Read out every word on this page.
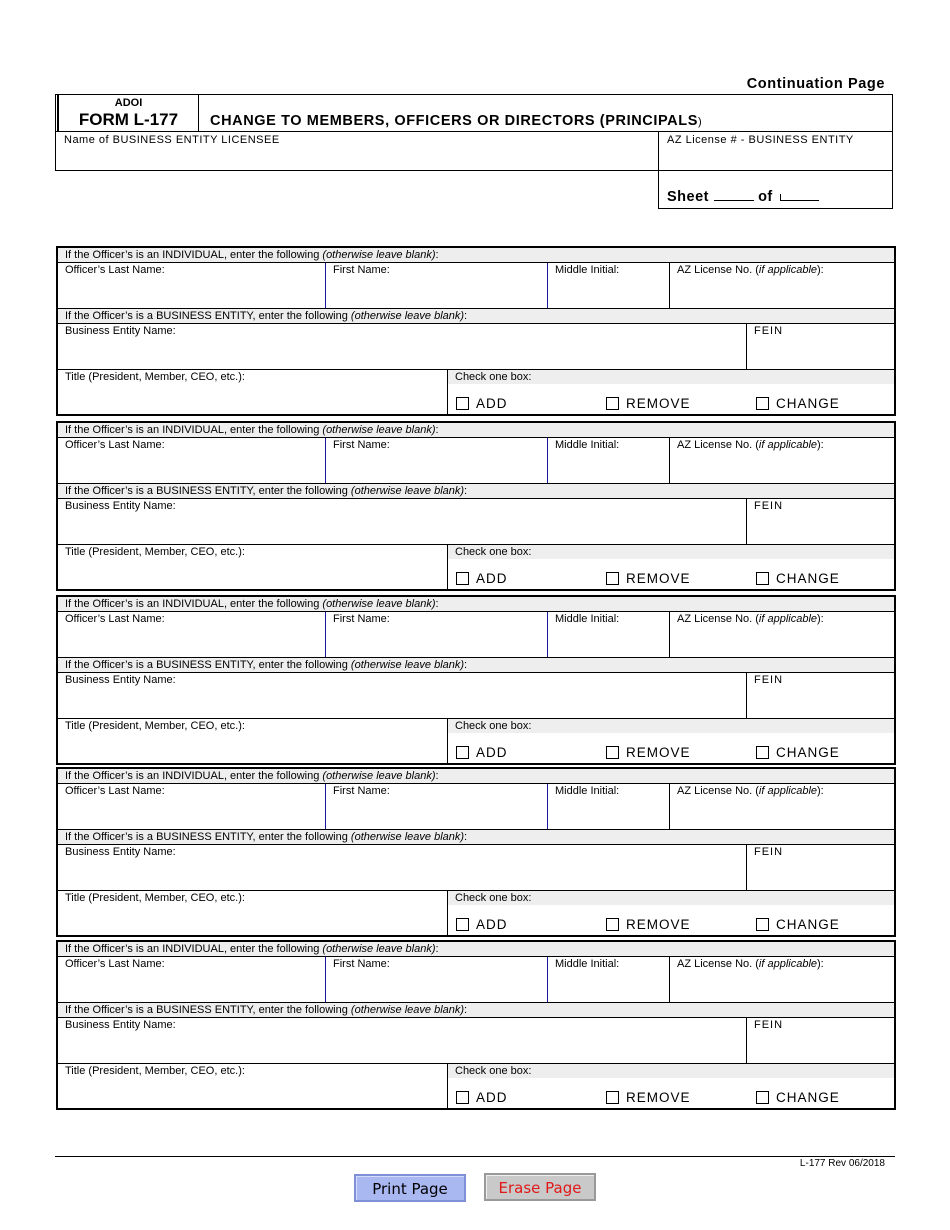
Continuation Page
ADOI
FORM L-177	CHANGE TO MEMBERS, OFFICERS OR DIRECTORS (PRINCIPALS)
Name of BUSINESS ENTITY LICENSEE	AZ License # - BUSINESS ENTITY
Sheet	of
If the Officer’s is an INDIVIDUAL, enter the following (otherwise leave blank):
Officer’s Last Name:	First Name:	Middle Initial:	AZ License No. (if applicable):
If the Officer’s is a BUSINESS ENTITY, enter the following (otherwise leave blank):
Business Entity Name:	FEIN
Title (President, Member, CEO, etc.):	Check one box:
ADD	REMOVE	CHANGE
If the Officer’s is an INDIVIDUAL, enter the following (otherwise leave blank):
Officer’s Last Name:	First Name:	Middle Initial:	AZ License No. (if applicable):
If the Officer’s is a BUSINESS ENTITY, enter the following (otherwise leave blank):
Business Entity Name:	FEIN
Title (President, Member, CEO, etc.):	Check one box:
ADD	REMOVE	CHANGE
If the Officer’s is an INDIVIDUAL, enter the following (otherwise leave blank):
Officer’s Last Name:	First Name:	Middle Initial:	AZ License No. (if applicable):
If the Officer’s is a BUSINESS ENTITY, enter the following (otherwise leave blank):
Business Entity Name:	FEIN
Title (President, Member, CEO, etc.):	Check one box:
ADD	REMOVE	CHANGE
If the Officer’s is an INDIVIDUAL, enter the following (otherwise leave blank):
Officer’s Last Name:	First Name:	Middle Initial:	AZ License No. (if applicable):
If the Officer’s is a BUSINESS ENTITY, enter the following (otherwise leave blank):
Business Entity Name:	FEIN
Title (President, Member, CEO, etc.):	Check one box:
ADD	REMOVE	CHANGE
If the Officer’s is an INDIVIDUAL, enter the following (otherwise leave blank):
Officer’s Last Name:	First Name:	Middle Initial:	AZ License No. (if applicable):
If the Officer’s is a BUSINESS ENTITY, enter the following (otherwise leave blank):
Business Entity Name:	FEIN
Title (President, Member, CEO, etc.):	Check one box:
ADD	REMOVE	CHANGE
L-177 Rev 06/2018
Print Page	Erase Page
